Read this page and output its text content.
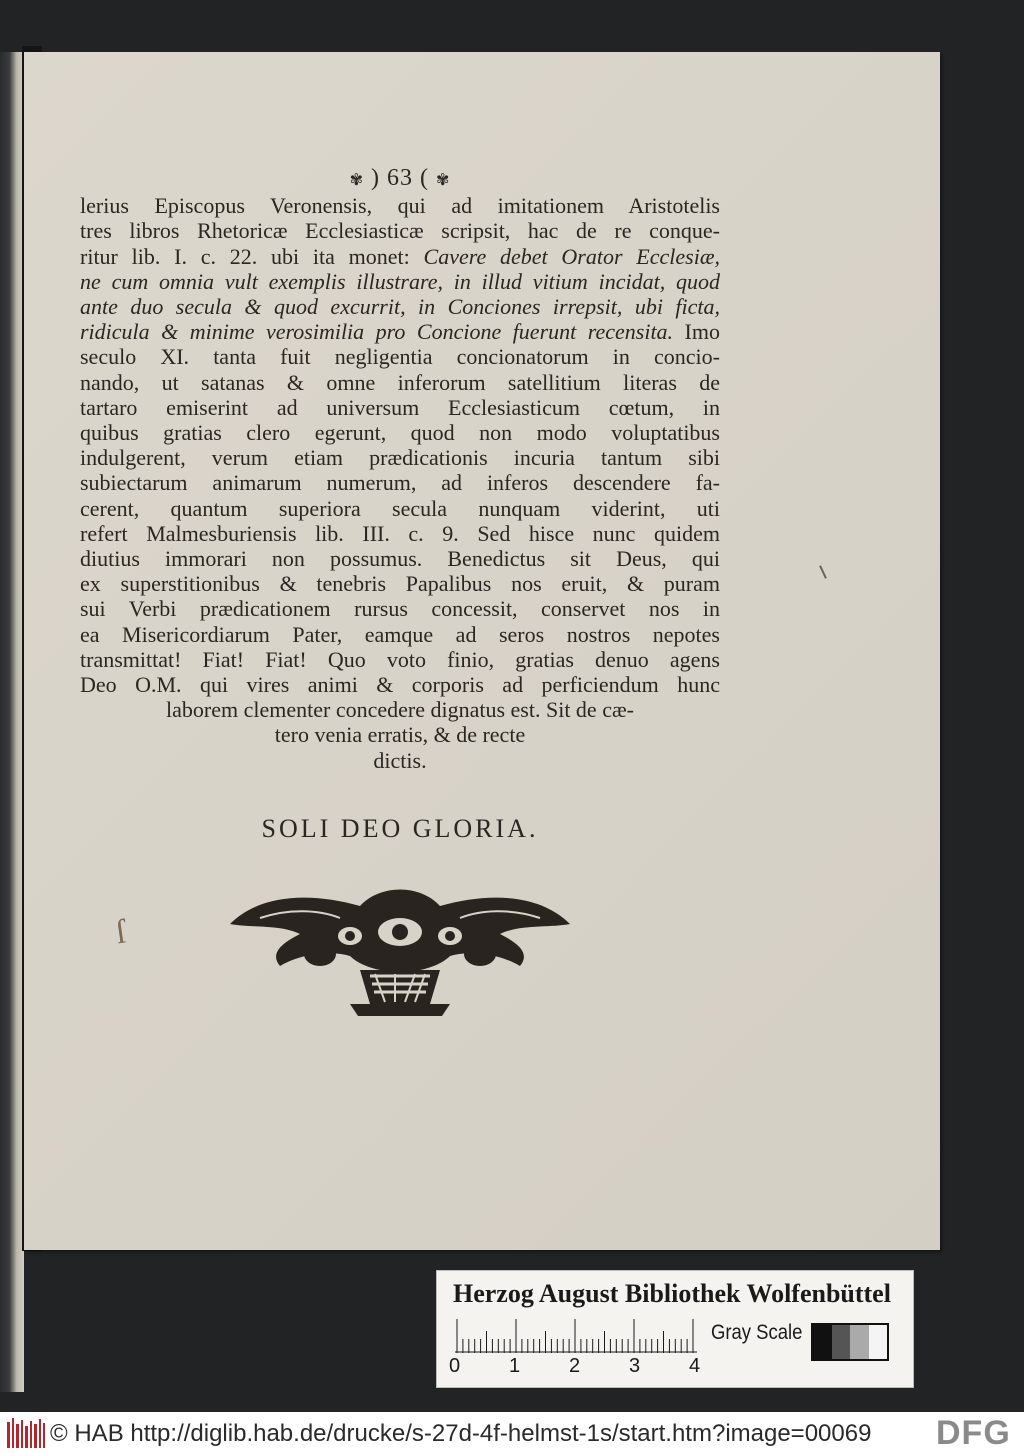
✾ ) 63 ( ✾
lerius Episcopus Veronensis, qui ad imitationem Aristotelis
tres libros Rhetoricæ Ecclesiasticæ scripsit, hac de re conque-
ritur lib. I. c. 22. ubi ita monet: Cavere debet Orator Ecclesiæ,
ne cum omnia vult exemplis illustrare, in illud vitium incidat, quod
ante duo secula & quod excurrit, in Conciones irrepsit, ubi ficta,
ridicula & minime verosimilia pro Concione fuerunt recensita. Imo
seculo XI. tanta fuit negligentia concionatorum in concio-
nando, ut satanas & omne inferorum satellitium literas de
tartaro emiserint ad universum Ecclesiasticum cœtum, in
quibus gratias clero egerunt, quod non modo voluptatibus
indulgerent, verum etiam prædicationis incuria tantum sibi
subiectarum animarum numerum, ad inferos descendere fa-
cerent, quantum superiora secula nunquam viderint, uti
refert Malmesburiensis lib. III. c. 9. Sed hisce nunc quidem
diutius immorari non possumus. Benedictus sit Deus, qui
ex superstitionibus & tenebris Papalibus nos eruit, & puram
sui Verbi prædicationem rursus concessit, conservet nos in
ea Misericordiarum Pater, eamque ad seros nostros nepotes
transmittat! Fiat! Fiat! Quo voto finio, gratias denuo agens
Deo O.M. qui vires animi & corporis ad perficiendum hunc
laborem clementer concedere dignatus est. Sit de cæ-
tero venia erratis, & de recte
dictis.
SOLI DEO GLORIA.
ſ
Herzog August Bibliothek Wolfenbüttel
0 1 2 3 4
Gray Scale
© HAB http://diglib.hab.de/drucke/s-27d-4f-helmst-1s/start.htm?image=00069 DFG
